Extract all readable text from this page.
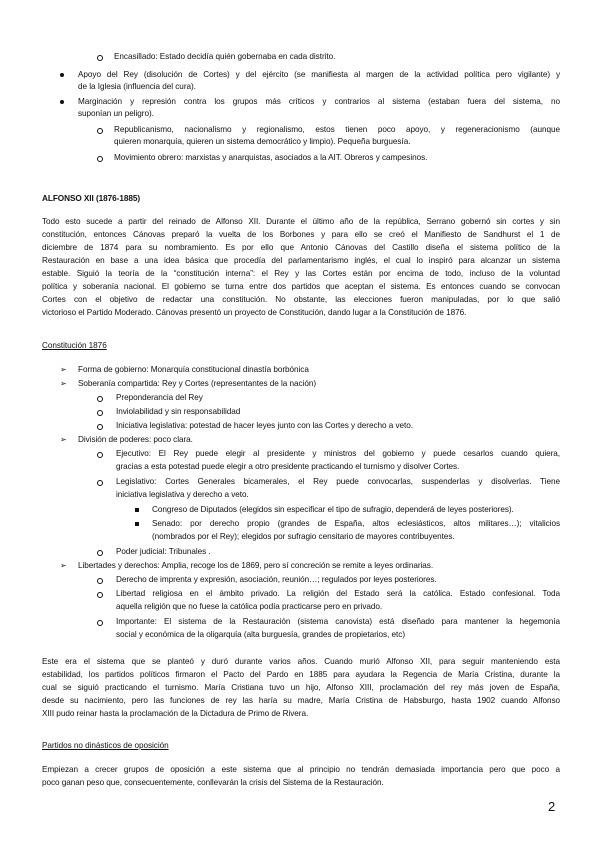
Encasillado: Estado decidía quién gobernaba en cada distrito.

Apoyo del Rey (disolución de Cortes) y del ejército (se manifiesta al margen de la actividad política pero vigilante) y

de la Iglesia (influencia del cura).

Marginación y represión contra los grupos más críticos y contrarios al sistema (estaban fuera del sistema, no

suponían un peligro).

Republicanismo, nacionalismo y regionalismo, estos tienen poco apoyo, y regeneracionismo (aunque

quieren monarquía, quieren un sistema democrático y limpio). Pequeña burguesía.

Movimiento obrero: marxistas y anarquistas, asociados a la AIT. Obreros y campesinos.

ALFONSO XII (1876-1885)

Todo esto sucede a partir del reinado de Alfonso XII. Durante el último año de la república, Serrano gobernó sin cortes y sin

constitución, entonces Cánovas preparó la vuelta de los Borbones y para ello se creó el Manifiesto de Sandhurst el 1 de

diciembre de 1874 para su nombramiento. Es por ello que Antonio Cánovas del Castillo diseña el sistema político de la

Restauración en base a una idea básica que procedía del parlamentarismo inglés, el cual lo inspiró para alcanzar un sistema

estable. Siguió la teoría de la “constitución interna”: el Rey y las Cortes están por encima de todo, incluso de la voluntad

política y soberanía nacional. El gobierno se turna entre dos partidos que aceptan el sistema. Es entonces cuando se convocan

Cortes con el objetivo de redactar una constitución. No obstante, las elecciones fueron manipuladas, por lo que salió

victorioso el Partido Moderado. Cánovas presentó un proyecto de Constitución, dando lugar a la Constitución de 1876.

Constitución 1876

➢ Forma de gobierno: Monarquía constitucional dinastía borbónica

➢ Soberanía compartida: Rey y Cortes (representantes de la nación)

Preponderancia del Rey

Inviolabilidad y sin responsabilidad

Iniciativa legislativa: potestad de hacer leyes junto con las Cortes y derecho a veto.

➢ División de poderes: poco clara.

Ejecutivo: El Rey puede elegir al presidente y ministros del gobierno y puede cesarlos cuando quiera,

gracias a esta potestad puede elegir a otro presidente practicando el turnismo y disolver Cortes.

Legislativo: Cortes Generales bicamerales, el Rey puede convocarlas, suspenderlas y disolverlas. Tiene

iniciativa legislativa y derecho a veto.

Congreso de Diputados (elegidos sin especificar el tipo de sufragio, dependerá de leyes posteriores).

Senado: por derecho propio (grandes de España, altos eclesiásticos, altos militares…); vitalicios

(nombrados por el Rey); elegidos por sufragio censitario de mayores contribuyentes.

Poder judicial: Tribunales .

➢ Libertades y derechos: Amplia, recoge los de 1869, pero sí concreción se remite a leyes ordinarias.

Derecho de imprenta y expresión, asociación, reunión…; regulados por leyes posteriores.

Libertad religiosa en el ámbito privado. La religión del Estado será la católica. Estado confesional. Toda

aquella religión que no fuese la católica podía practicarse pero en privado.

Importante: El sistema de la Restauración (sistema canovista) está diseñado para mantener la hegemonía

social y económica de la oligarquía (alta burguesía, grandes de propietarios, etc)

Este era el sistema que se planteó y duró durante varios años. Cuando murió Alfonso XII, para seguir manteniendo esta

estabilidad, los partidos políticos firmaron el Pacto del Pardo en 1885 para ayudara la Regencia de María Cristina, durante la

cual se siguió practicando el turnismo. María Cristiana tuvo un hijo, Alfonso XIII, proclamación del rey más joven de España,

desde su nacimiento, pero las funciones de rey las haría su madre, María Cristina de Habsburgo, hasta 1902 cuando Alfonso

XIII pudo reinar hasta la proclamación de la Dictadura de Primo de Rivera.

Partidos no dinásticos de oposición

Empiezan a crecer grupos de oposición a este sistema que al principio no tendrán demasiada importancia pero que poco a

poco ganan peso que, consecuentemente, conllevarán la crisis del Sistema de la Restauración.

2
